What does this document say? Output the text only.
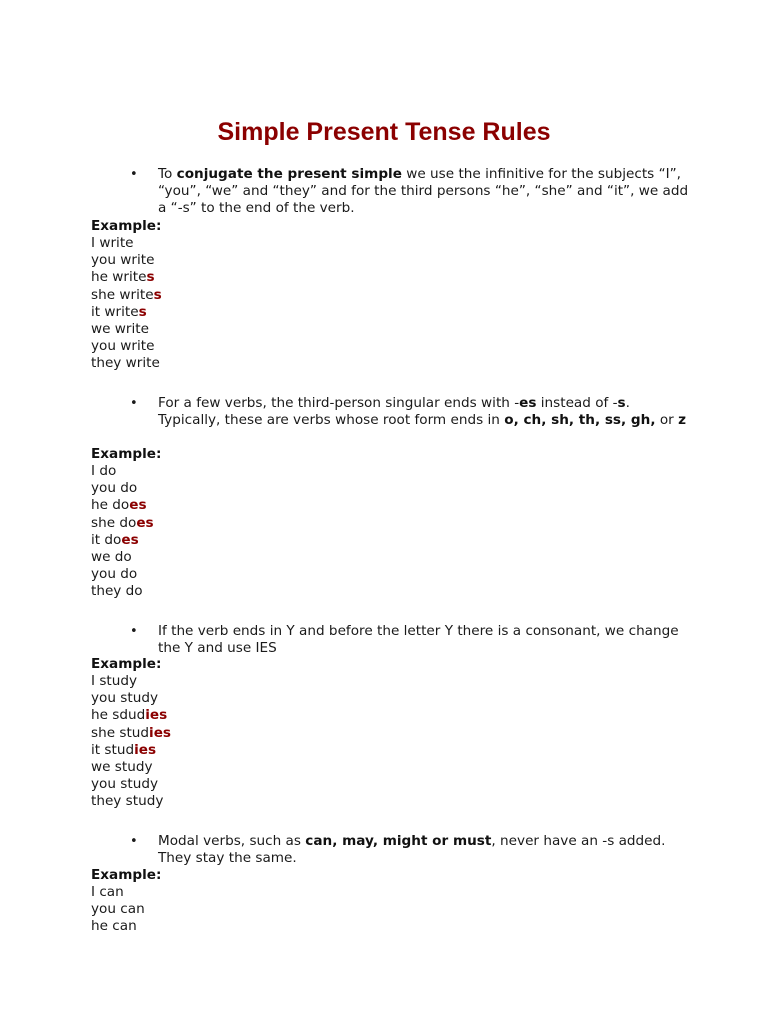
Simple Present Tense Rules
• To conjugate the present simple we use the infinitive for the subjects “I”, “you”, “we” and “they” and for the third persons “he”, “she” and “it”, we add a “-s” to the end of the verb.
Example:
I write
you write
he writes
she writes
it writes
we write
you write
they write
• For a few verbs, the third-person singular ends with -es instead of -s. Typically, these are verbs whose root form ends in o, ch, sh, th, ss, gh, or z
Example:
I do
you do
he does
she does
it does
we do
you do
they do
• If the verb ends in Y and before the letter Y there is a consonant, we change the Y and use IES
Example:
I study
you study
he sdudies
she studies
it studies
we study
you study
they study
• Modal verbs, such as can, may, might or must, never have an -s added. They stay the same.
Example:
I can
you can
he can
